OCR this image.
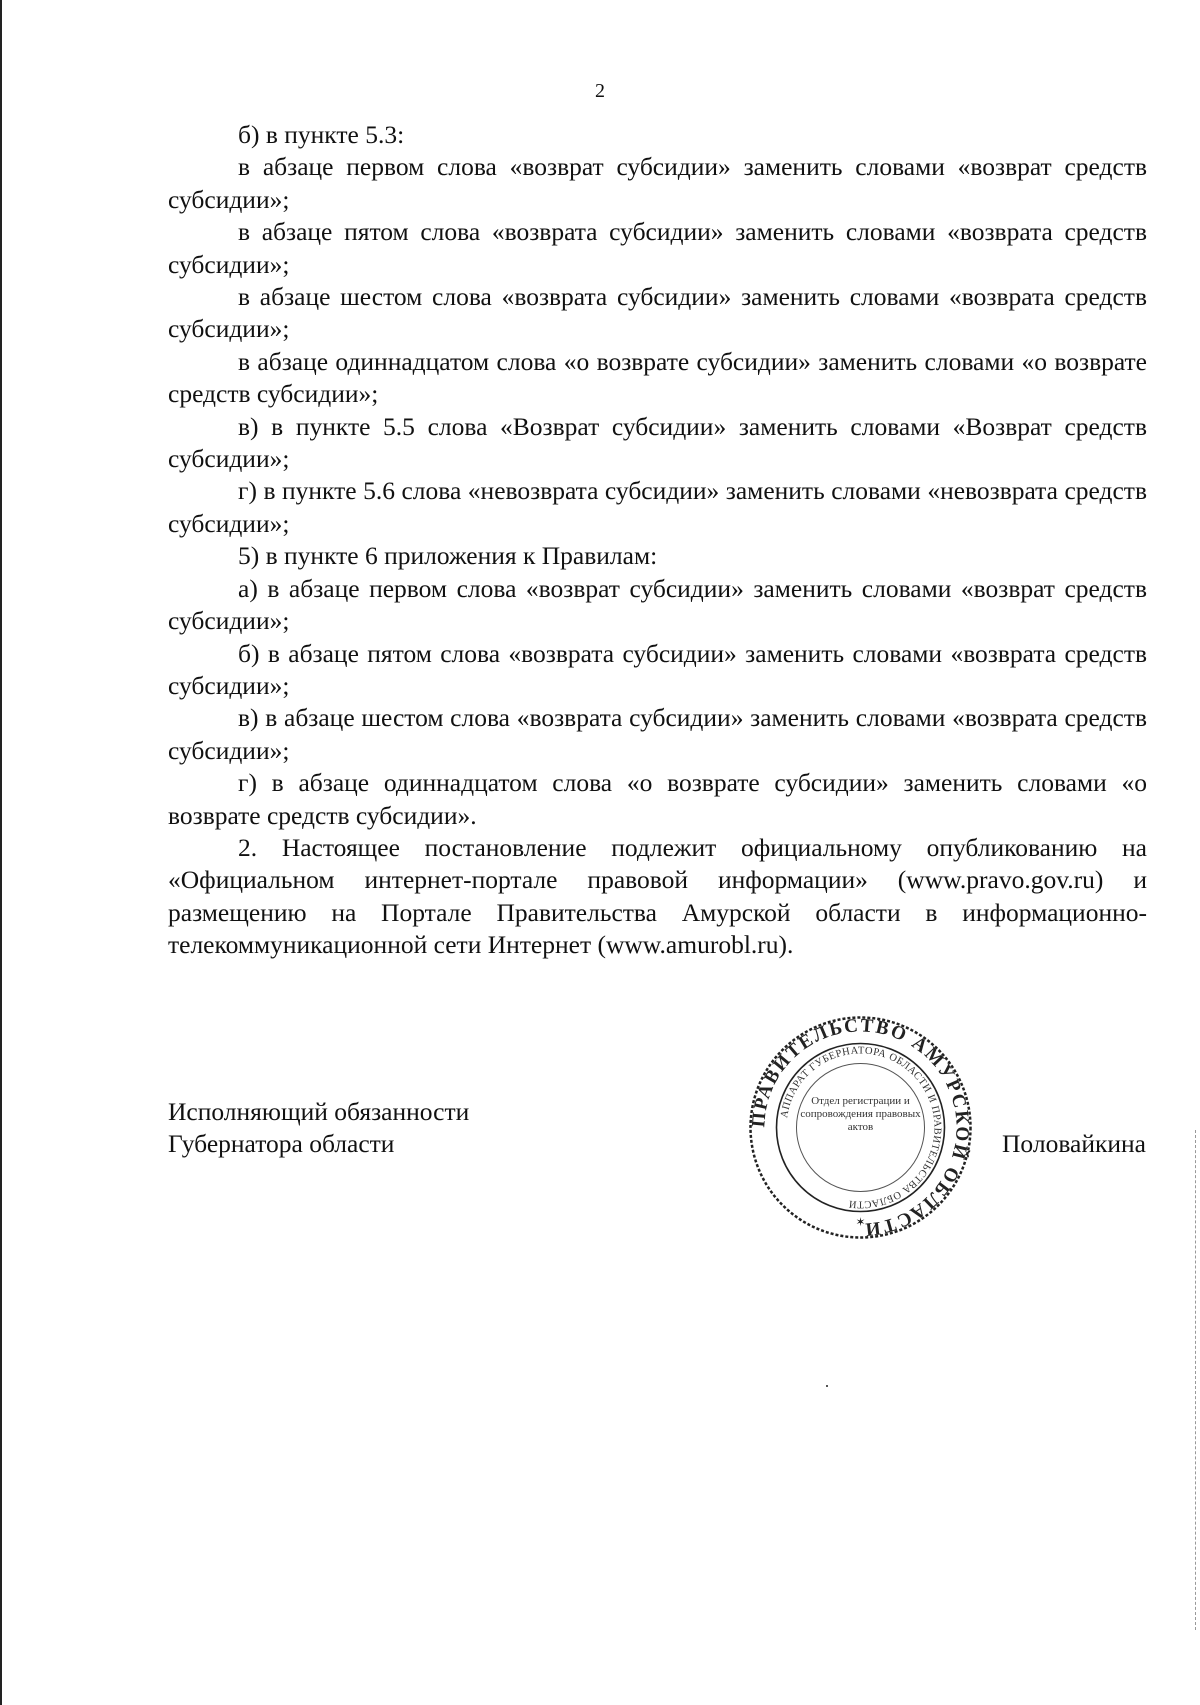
2

б) в пункте 5.3:

в абзаце первом слова «возврат субсидии» заменить словами «возврат средств субсидии»;

в абзаце пятом слова «возврата субсидии» заменить словами «возврата средств субсидии»;

в абзаце шестом слова «возврата субсидии» заменить словами «возврата средств субсидии»;

в абзаце одиннадцатом слова «о возврате субсидии» заменить словами «о возврате средств субсидии»;

в) в пункте 5.5 слова «Возврат субсидии» заменить словами «Возврат средств субсидии»;

г) в пункте 5.6 слова «невозврата субсидии» заменить словами «невозврата средств субсидии»;

5) в пункте 6 приложения к Правилам:

а) в абзаце первом слова «возврат субсидии» заменить словами «возврат средств субсидии»;

б) в абзаце пятом слова «возврата субсидии» заменить словами «возврата средств субсидии»;

в) в абзаце шестом слова «возврата субсидии» заменить словами «возврата средств субсидии»;

г) в абзаце одиннадцатом слова «о возврате субсидии» заменить словами «о возврате средств субсидии».

2. Настоящее постановление подлежит официальному опубликованию на «Официальном интернет-портале правовой информации» (www.pravo.gov.ru) и размещению на Портале Правительства Амурской области в информационно-телекоммуникационной сети Интернет (www.amurobl.ru).

Исполняющий обязанности
Губернатора области
ПРАВИТЕЛЬСТВО АМУРСКОЙ ОБЛАСТИ
АППАРАТ ГУБЕРНАТОРА ОБЛАСТИ И ПРАВИТЕЛЬСТВА ОБЛАСТИ
Отдел регистрации и сопровождения правовых актов
✶
Половайкина
